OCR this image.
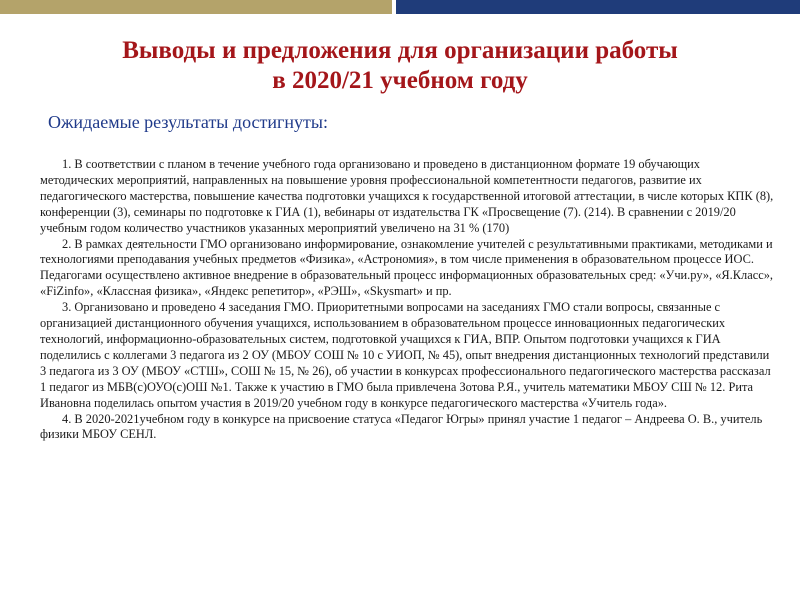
Выводы и предложения для организации работы
в 2020/21 учебном году
Ожидаемые результаты достигнуты:

1. В соответствии с планом в течение учебного года организовано и проведено в дистанционном формате 19 обучающих методических мероприятий, направленных на повышение уровня профессиональной компетентности педагогов, развитие их педагогического мастерства, повышение качества подготовки учащихся к государственной итоговой аттестации, в числе которых КПК (8), конференции (3), семинары по подготовке к ГИА (1), вебинары от издательства ГК «Просвещение (7). (214). В сравнении с 2019/20 учебным годом количество участников указанных мероприятий увеличено на 31 % (170)

2. В рамках деятельности ГМО организовано информирование, ознакомление учителей с результативными практиками, методиками и технологиями преподавания учебных предметов «Физика», «Астрономия», в том числе применения в образовательном процессе ИОС. Педагогами осуществлено активное внедрение в образовательный процесс информационных образовательных сред: «Учи.ру», «Я.Класс», «FiZinfo», «Классная физика», «Яндекс репетитор», «РЭШ», «Skysmart» и пр.

3. Организовано и проведено 4 заседания ГМО. Приоритетными вопросами на заседаниях ГМО стали вопросы, связанные с организацией дистанционного обучения учащихся, использованием в образовательном процессе инновационных педагогических технологий, информационно-образовательных систем, подготовкой учащихся к ГИА, ВПР. Опытом подготовки учащихся к ГИА поделились с коллегами 3 педагога из 2 ОУ (МБОУ СОШ № 10 с УИОП, № 45), опыт внедрения дистанционных технологий представили 3 педагога из 3 ОУ (МБОУ «СТШ», СОШ № 15, № 26), об участии в конкурсах профессионального педагогического мастерства рассказал 1 педагог из МБВ(с)ОУО(с)ОШ №1. Также к участию в ГМО была привлечена Зотова Р.Я., учитель математики МБОУ СШ № 12. Рита Ивановна поделилась опытом участия в 2019/20 учебном году в конкурсе педагогического мастерства «Учитель года».

4. В 2020-2021учебном году в конкурсе на присвоение статуса «Педагог Югры» принял участие 1 педагог – Андреева О. В., учитель физики МБОУ СЕНЛ.
